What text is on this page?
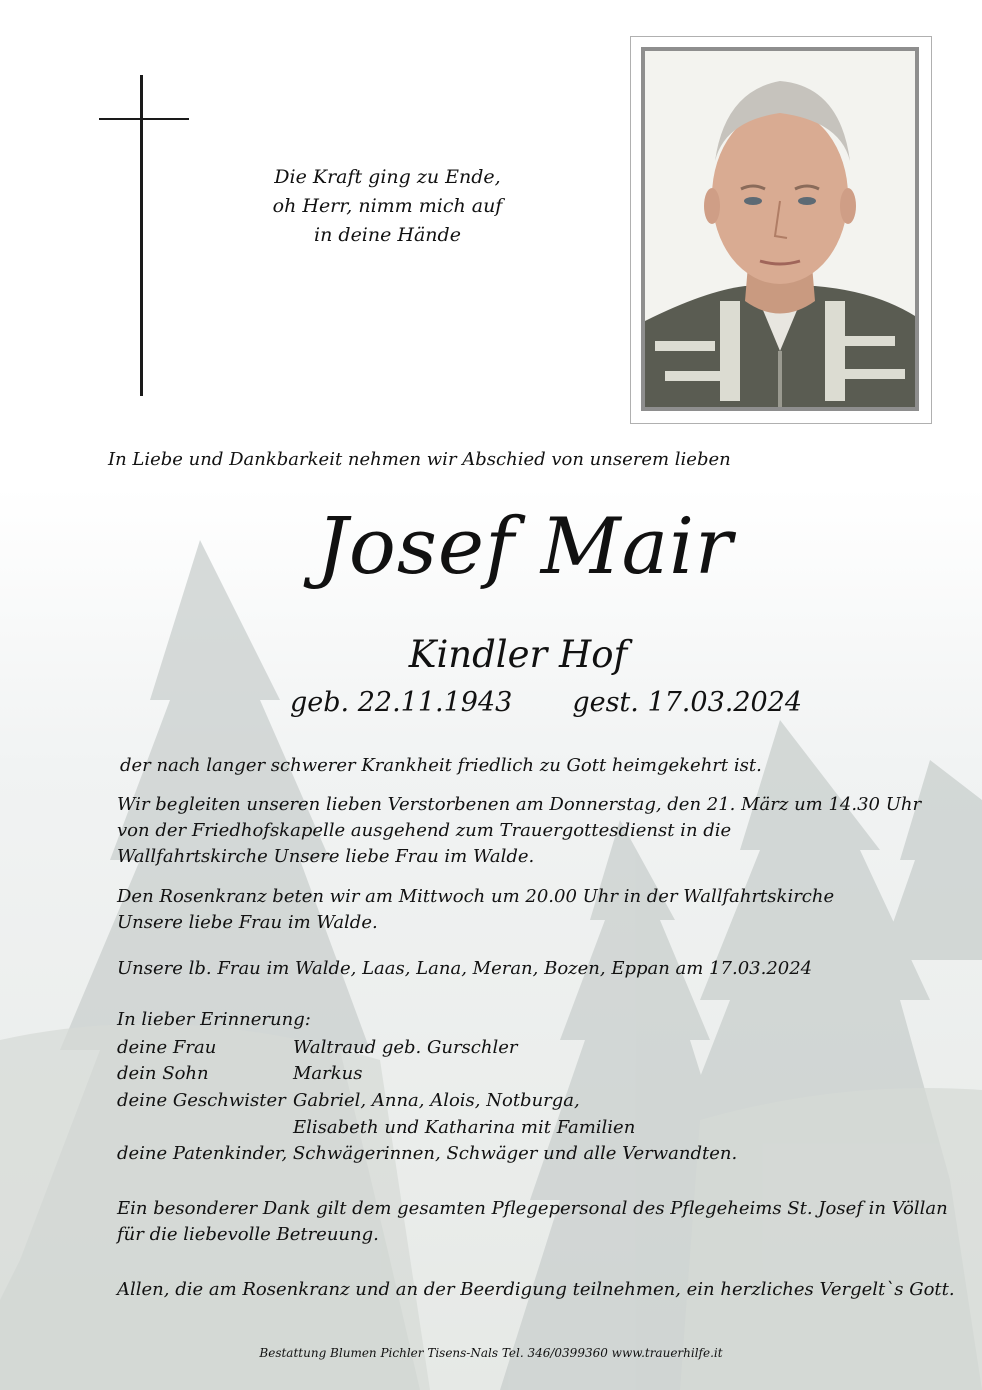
Die Kraft ging zu Ende,
oh Herr, nimm mich auf
in deine Hände
In Liebe und Dankbarkeit nehmen wir Abschied von unserem lieben
Josef Mair
Kindler Hof
geb. 22.11.1943 gest. 17.03.2024
der nach langer schwerer Krankheit friedlich zu Gott heimgekehrt ist.
Wir begleiten unseren lieben Verstorbenen am Donnerstag, den 21. März um 14.30 Uhr
von der Friedhofskapelle ausgehend zum Trauergottesdienst in die
Wallfahrtskirche Unsere liebe Frau im Walde.
Den Rosenkranz beten wir am Mittwoch um 20.00 Uhr in der Wallfahrtskirche
Unsere liebe Frau im Walde.
Unsere lb. Frau im Walde, Laas, Lana, Meran, Bozen, Eppan am 17.03.2024
In lieber Erinnerung:
deine Frau	Waltraud geb. Gurschler
dein Sohn	Markus
deine Geschwister Gabriel, Anna, Alois, Notburga,
Elisabeth und Katharina mit Familien
deine Patenkinder, Schwägerinnen, Schwäger und alle Verwandten.
Ein besonderer Dank gilt dem gesamten Pflegepersonal des Pflegeheims St. Josef in Völlan
für die liebevolle Betreuung.
Allen, die am Rosenkranz und an der Beerdigung teilnehmen, ein herzliches Vergelt`s Gott.
Bestattung Blumen Pichler Tisens-Nals Tel. 346/0399360 www.trauerhilfe.it
